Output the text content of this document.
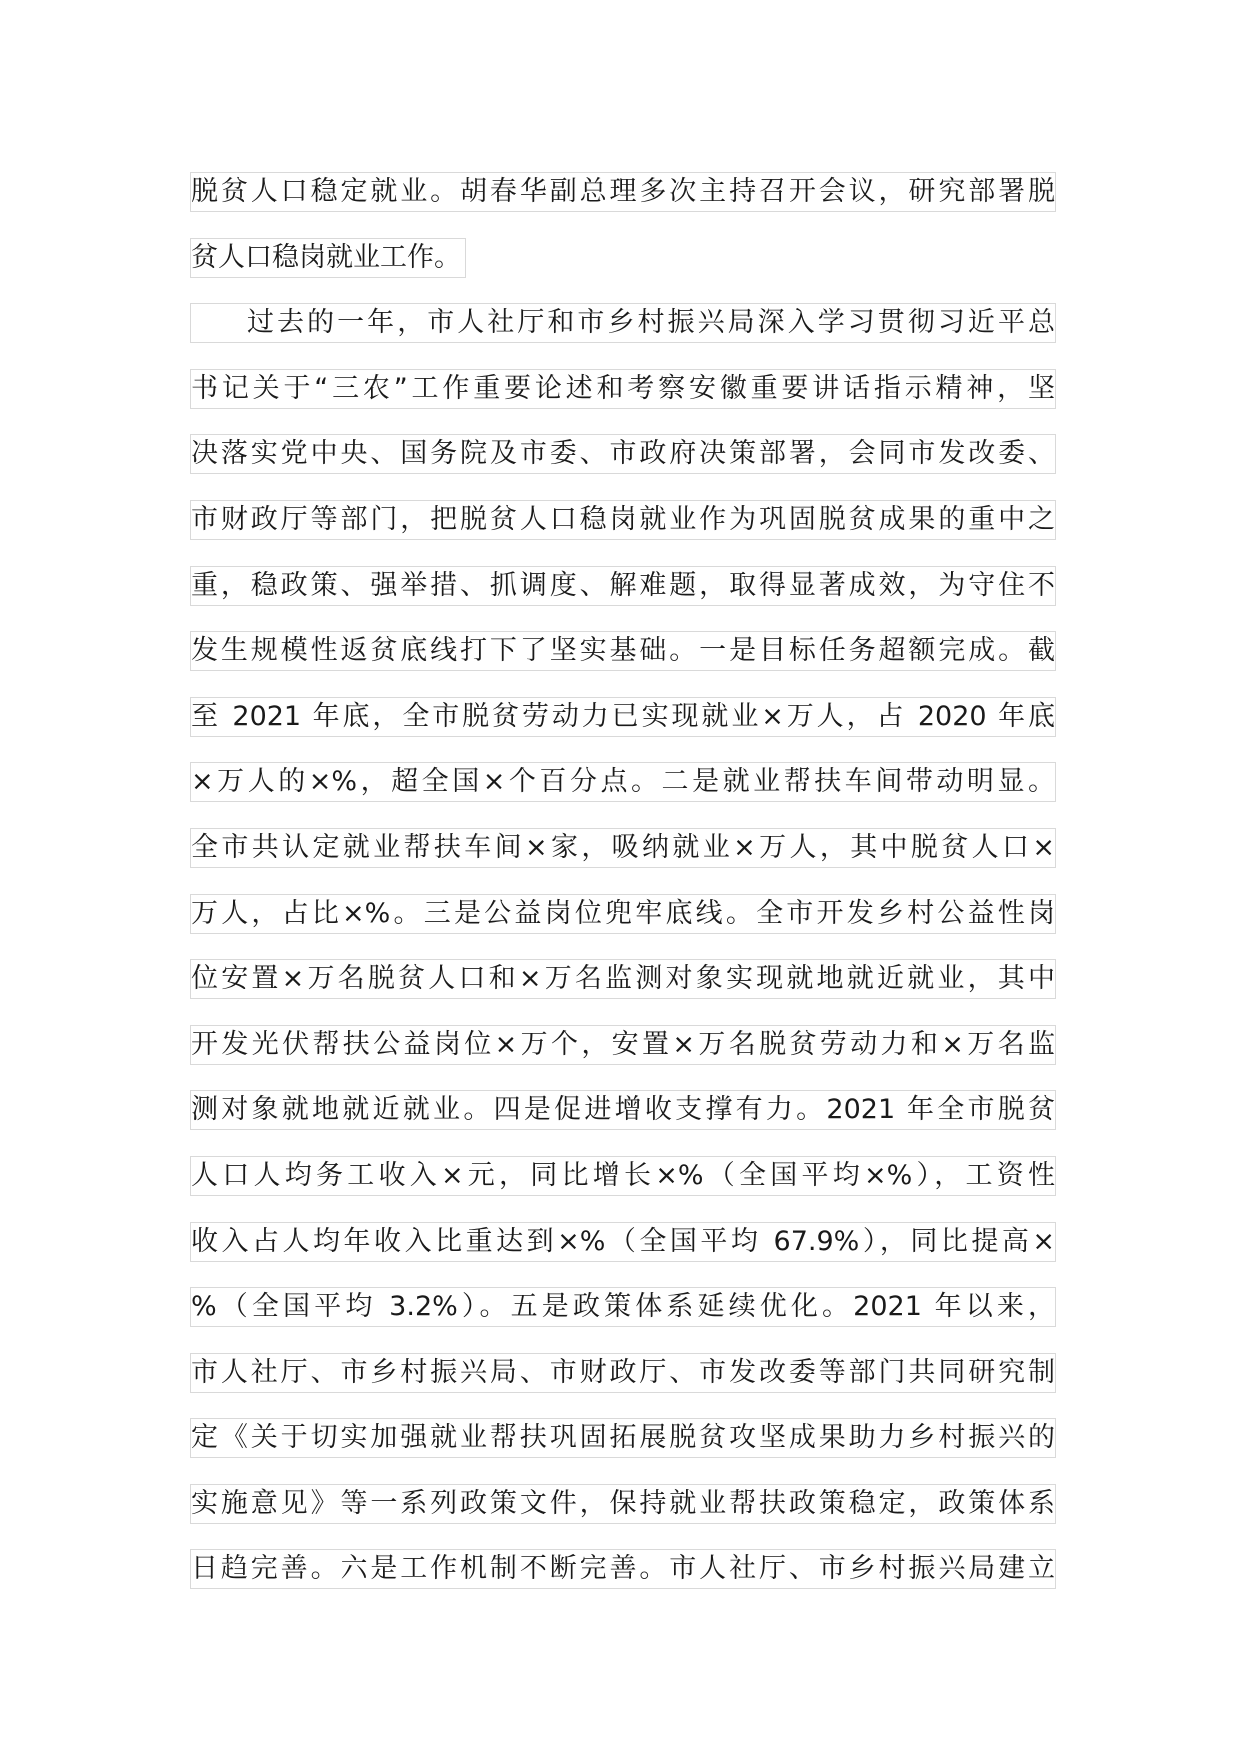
脱贫人口稳定就业。胡春华副总理多次主持召开会议，研究部署脱
贫人口稳岗就业工作。
过去的一年，市人社厅和市乡村振兴局深入学习贯彻习近平总
书记关于“三农”工作重要论述和考察安徽重要讲话指示精神，坚
决落实党中央、国务院及市委、市政府决策部署，会同市发改委、
市财政厅等部门，把脱贫人口稳岗就业作为巩固脱贫成果的重中之
重，稳政策、强举措、抓调度、解难题，取得显著成效，为守住不
发生规模性返贫底线打下了坚实基础。一是目标任务超额完成。截
至 2021 年底，全市脱贫劳动力已实现就业×万人，占 2020 年底
×万人的×%，超全国×个百分点。二是就业帮扶车间带动明显。
全市共认定就业帮扶车间×家，吸纳就业×万人，其中脱贫人口×
万人，占比×%。三是公益岗位兜牢底线。全市开发乡村公益性岗
位安置×万名脱贫人口和×万名监测对象实现就地就近就业，其中
开发光伏帮扶公益岗位×万个，安置×万名脱贫劳动力和×万名监
测对象就地就近就业。四是促进增收支撑有力。2021 年全市脱贫
人口人均务工收入×元，同比增长×%（全国平均×%），工资性
收入占人均年收入比重达到×%（全国平均 67.9%），同比提高×
%（全国平均 3.2%）。五是政策体系延续优化。2021 年以来，
市人社厅、市乡村振兴局、市财政厅、市发改委等部门共同研究制
定《关于切实加强就业帮扶巩固拓展脱贫攻坚成果助力乡村振兴的
实施意见》等一系列政策文件，保持就业帮扶政策稳定，政策体系
日趋完善。六是工作机制不断完善。市人社厅、市乡村振兴局建立
